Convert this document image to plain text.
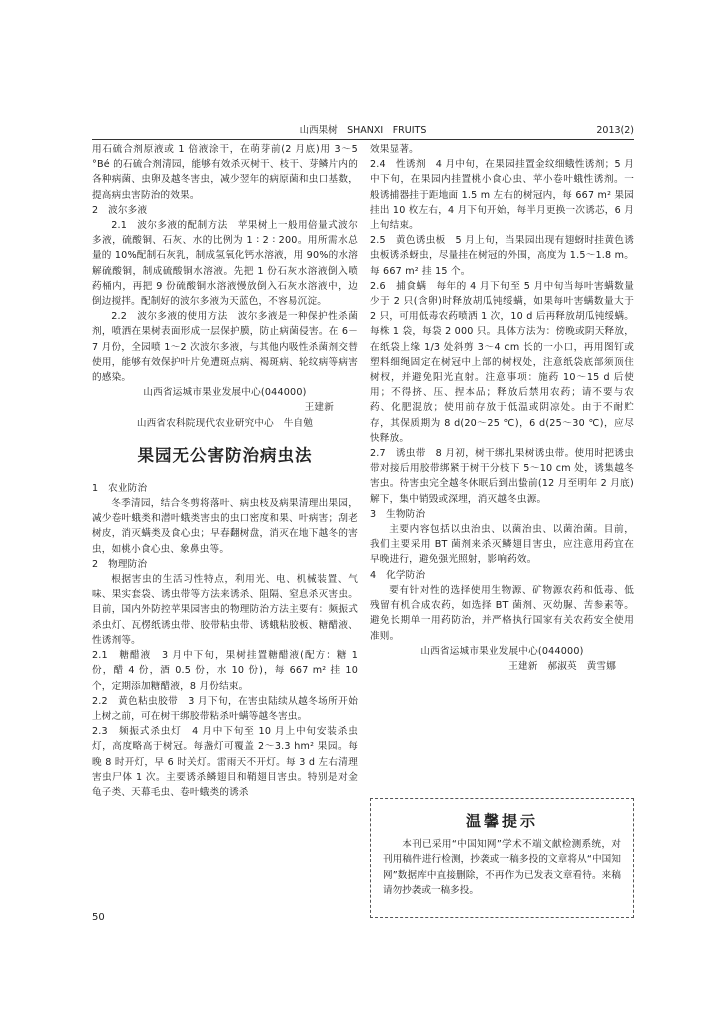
山西果树　SHANXI　FRUITS	2013(2)

用石硫合剂原液或 1 倍液涂干，在萌芽前(2 月底)用 3～5 °Bé 的石硫合剂清园，能够有效杀灭树干、枝干、芽鳞片内的各种病菌、虫卵及越冬害虫，减少翌年的病原菌和虫口基数，提高病虫害防治的效果。

2　波尔多液

2.1　波尔多液的配制方法　苹果树上一般用倍量式波尔多液，硫酸铜、石灰、水的比例为 1 ∶ 2 ∶ 200。用所需水总量的 10%配制石灰乳，制成氢氧化钙水溶液，用 90%的水溶解硫酸铜，制成硫酸铜水溶液。先把 1 份石灰水溶液倒入喷药桶内，再把 9 份硫酸铜水溶液慢放倒入石灰水溶液中，边倒边搅拌。配制好的波尔多液为天蓝色，不容易沉淀。

2.2　波尔多液的使用方法　波尔多液是一种保护性杀菌剂，喷洒在果树表面形成一层保护膜，防止病菌侵害。在 6－7 月份，全园喷 1～2 次波尔多液，与其他内吸性杀菌剂交替使用，能够有效保护叶片免遭斑点病、褐斑病、轮纹病等病害的感染。

山西省运城市果业发展中心(044000)

王建新

山西省农科院现代农业研究中心　牛自勉

果园无公害防治病虫法

1　农业防治

冬季清园，结合冬剪将落叶、病虫枝及病果清理出果园，减少卷叶蛾类和潜叶蛾类害虫的虫口密度和果、叶病害；刮老树皮，消灭螨类及食心虫；早春翻树盘，消灭在地下越冬的害虫，如桃小食心虫、象鼻虫等。

2　物理防治

根据害虫的生活习性特点，利用光、电、机械装置、气味、果实套袋、诱虫带等方法来诱杀、阻隔、窒息杀灭害虫。目前，国内外防控苹果园害虫的物理防治方法主要有：频振式杀虫灯、瓦楞纸诱虫带、胶带粘虫带、诱蛾粘胶板、糖醋液、性诱剂等。

2.1　糖醋液　3 月中下旬，果树挂置糖醋液(配方：糖 1 份，醋 4 份，酒 0.5 份，水 10 份)，每 667 m² 挂 10 个，定期添加糖醋液，8 月份结束。

2.2　黄色粘虫胶带　3 月下旬，在害虫陆续从越冬场所开始上树之前，可在树干绑胶带粘杀叶螨等越冬害虫。

2.3　频振式杀虫灯　4 月中下旬至 10 月上中旬安装杀虫灯，高度略高于树冠。每盏灯可覆盖 2～3.3 hm² 果园。每晚 8 时开灯，早 6 时关灯。雷雨天不开灯。每 3 d 左右清理害虫尸体 1 次。主要诱杀鳞翅目和鞘翅目害虫。特别是对金龟子类、天幕毛虫、卷叶蛾类的诱杀

效果显著。

2.4　性诱剂　4 月中旬，在果园挂置金纹细蛾性诱剂；5 月中下旬，在果园内挂置桃小食心虫、苹小卷叶蛾性诱剂。一般诱捕器挂于距地面 1.5 m 左右的树冠内，每 667 m² 果园挂出 10 枚左右，4 月下旬开始，每半月更换一次诱芯，6 月上旬结束。

2.5　黄色诱虫板　5 月上旬，当果园出现有翅蚜时挂黄色诱虫板诱杀蚜虫，尽量挂在树冠的外围，高度为 1.5～1.8 m。每 667 m² 挂 15 个。

2.6　捕食螨　每年的 4 月下旬至 5 月中旬当每叶害螨数量少于 2 只(含卵)时释放胡瓜钝绥螨，如果每叶害螨数量大于 2 只，可用低毒农药喷洒 1 次，10 d 后再释放胡瓜钝绥螨。每株 1 袋，每袋 2 000 只。具体方法为：傍晚或阴天释放，在纸袋上缘 1/3 处斜剪 3～4 cm 长的一小口，再用图钉或塑料细绳固定在树冠中上部的树杈处，注意纸袋底部须顶住树杈，并避免阳光直射。注意事项：施药 10～15 d 后使用；不得挤、压、捏本品；释放后禁用农药；请不要与农药、化肥混放；使用前存放于低温或阴凉处。由于不耐贮存，其保质期为 8 d(20～25 ℃)，6 d(25～30 ℃)，应尽快释放。

2.7　诱虫带　8 月初，树干绑扎果树诱虫带。使用时把诱虫带对接后用胶带绑紧于树干分枝下 5～10 cm 处，诱集越冬害虫。待害虫完全越冬休眠后到出蛰前(12 月至明年 2 月底)解下，集中销毁或深埋，消灭越冬虫源。

3　生物防治

主要内容包括以虫治虫、以菌治虫、以菌治菌。目前，我们主要采用 BT 菌剂来杀灭鳞翅目害虫，应注意用药宜在早晚进行，避免强光照射，影响药效。

4　化学防治

要有针对性的选择使用生物源、矿物源农药和低毒、低残留有机合成农药，如选择 BT 菌剂、灭幼脲、苦参素等。避免长期单一用药防治，并严格执行国家有关农药安全使用准则。

山西省运城市果业发展中心(044000)

王建新　郝淑英　黄雪娜

温馨提示
本刊已采用“中国知网”学术不端文献检测系统，对刊用稿件进行检测，抄袭或一稿多投的文章将从“中国知网”数据库中直接删除，不再作为已发表文章看待。来稿请勿抄袭或一稿多投。
50
